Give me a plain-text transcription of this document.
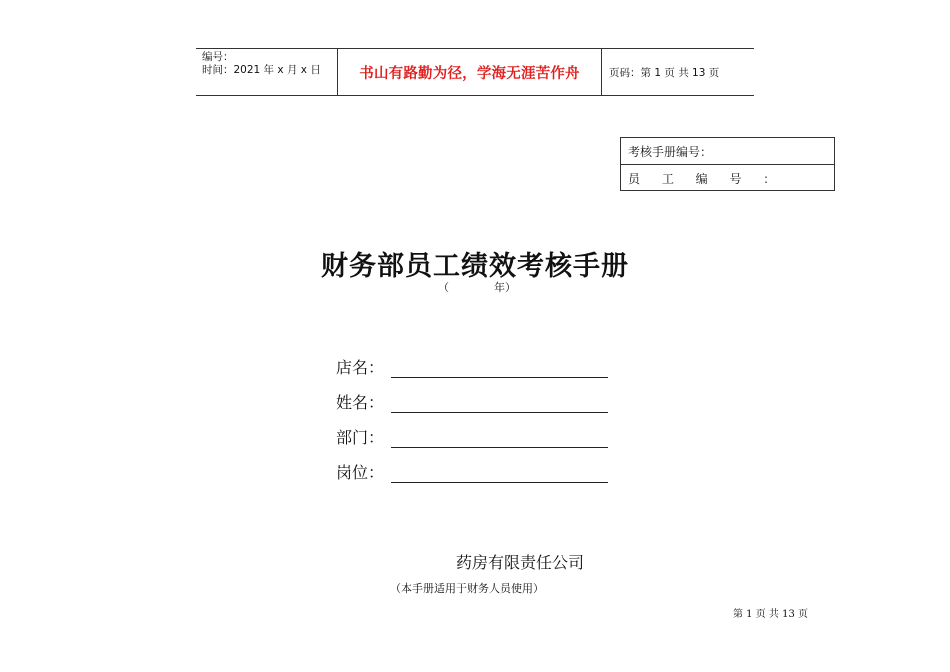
编号：
时间：2021 年 x 月 x 日	书山有路勤为径，学海无涯苦作舟	页码：第 1 页 共 13 页
考核手册编号：
员 工 编 号 ：
财务部员工绩效考核手册
（	年）
店名：
姓名：
部门：
岗位：
药房有限责任公司
（本手册适用于财务人员使用）
第 1 页 共 13 页
